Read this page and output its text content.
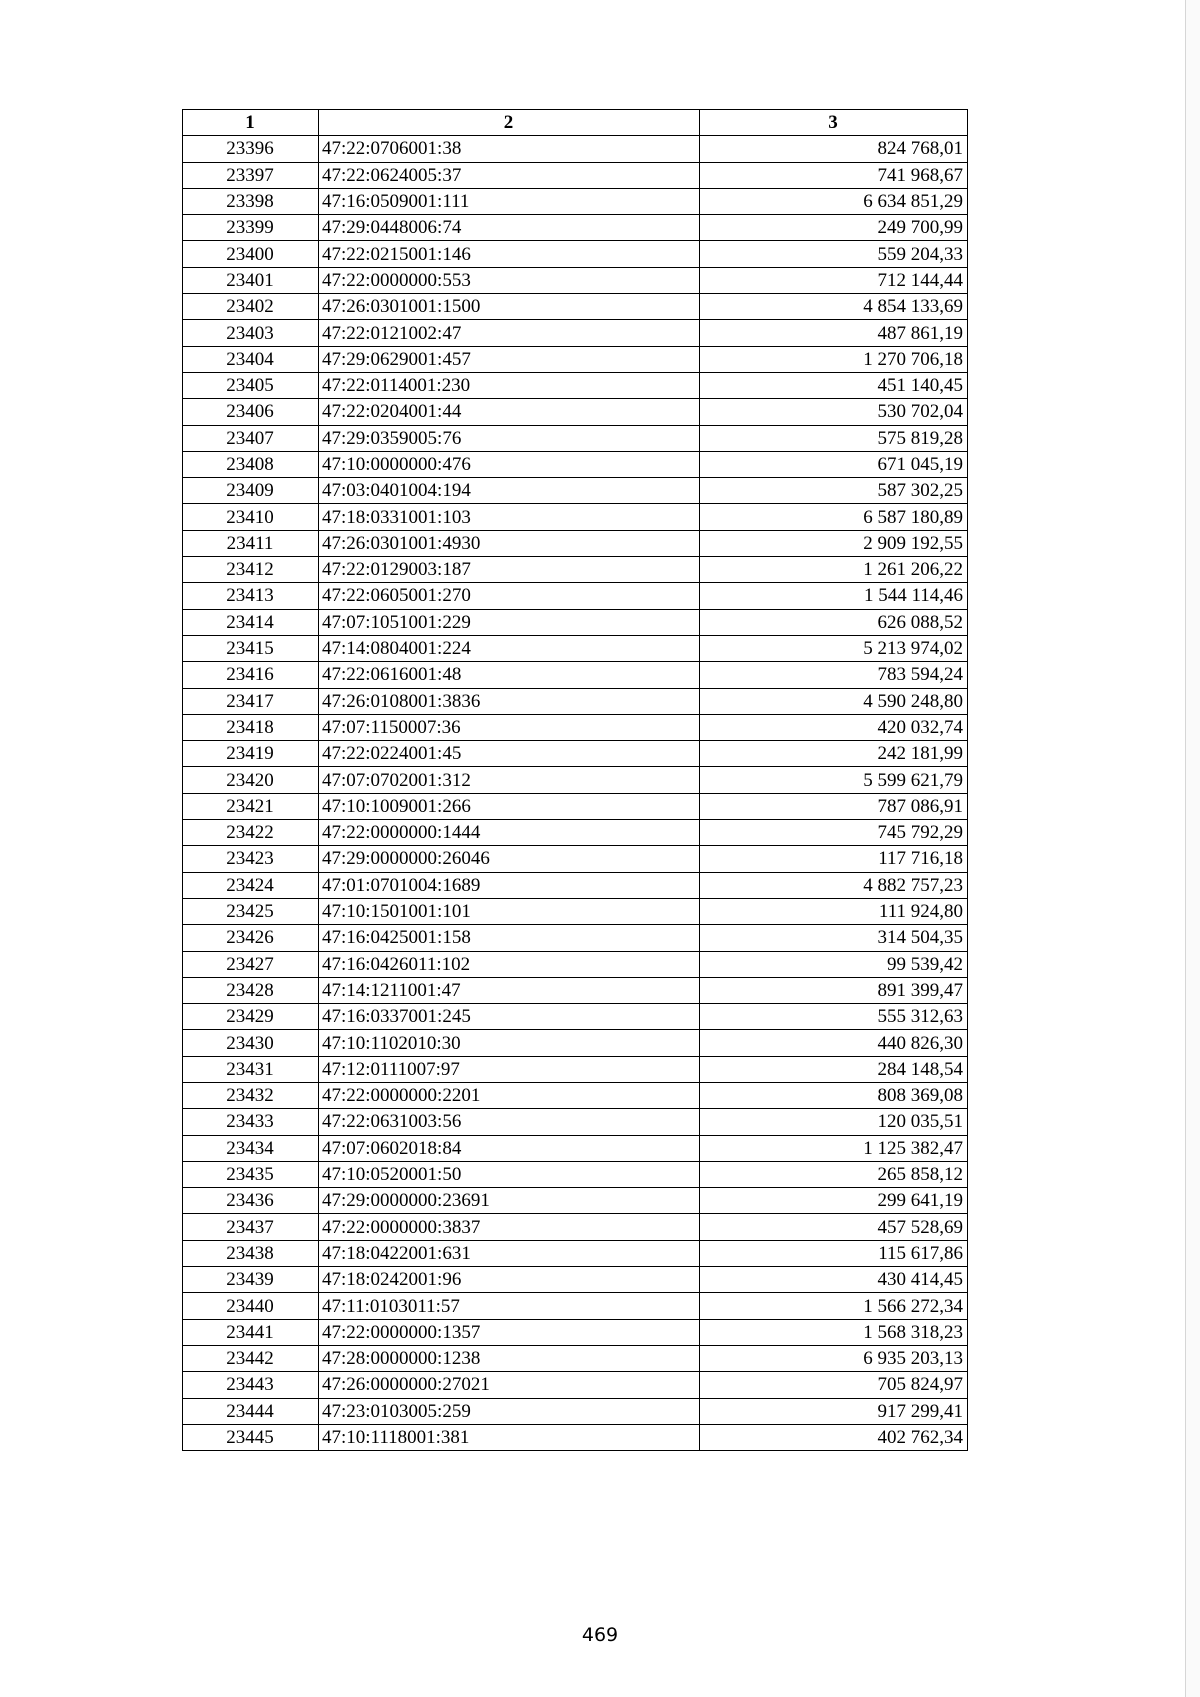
1	2	3
23396	47:22:0706001:38	824 768,01
23397	47:22:0624005:37	741 968,67
23398	47:16:0509001:111	6 634 851,29
23399	47:29:0448006:74	249 700,99
23400	47:22:0215001:146	559 204,33
23401	47:22:0000000:553	712 144,44
23402	47:26:0301001:1500	4 854 133,69
23403	47:22:0121002:47	487 861,19
23404	47:29:0629001:457	1 270 706,18
23405	47:22:0114001:230	451 140,45
23406	47:22:0204001:44	530 702,04
23407	47:29:0359005:76	575 819,28
23408	47:10:0000000:476	671 045,19
23409	47:03:0401004:194	587 302,25
23410	47:18:0331001:103	6 587 180,89
23411	47:26:0301001:4930	2 909 192,55
23412	47:22:0129003:187	1 261 206,22
23413	47:22:0605001:270	1 544 114,46
23414	47:07:1051001:229	626 088,52
23415	47:14:0804001:224	5 213 974,02
23416	47:22:0616001:48	783 594,24
23417	47:26:0108001:3836	4 590 248,80
23418	47:07:1150007:36	420 032,74
23419	47:22:0224001:45	242 181,99
23420	47:07:0702001:312	5 599 621,79
23421	47:10:1009001:266	787 086,91
23422	47:22:0000000:1444	745 792,29
23423	47:29:0000000:26046	117 716,18
23424	47:01:0701004:1689	4 882 757,23
23425	47:10:1501001:101	111 924,80
23426	47:16:0425001:158	314 504,35
23427	47:16:0426011:102	99 539,42
23428	47:14:1211001:47	891 399,47
23429	47:16:0337001:245	555 312,63
23430	47:10:1102010:30	440 826,30
23431	47:12:0111007:97	284 148,54
23432	47:22:0000000:2201	808 369,08
23433	47:22:0631003:56	120 035,51
23434	47:07:0602018:84	1 125 382,47
23435	47:10:0520001:50	265 858,12
23436	47:29:0000000:23691	299 641,19
23437	47:22:0000000:3837	457 528,69
23438	47:18:0422001:631	115 617,86
23439	47:18:0242001:96	430 414,45
23440	47:11:0103011:57	1 566 272,34
23441	47:22:0000000:1357	1 568 318,23
23442	47:28:0000000:1238	6 935 203,13
23443	47:26:0000000:27021	705 824,97
23444	47:23:0103005:259	917 299,41
23445	47:10:1118001:381	402 762,34
469
